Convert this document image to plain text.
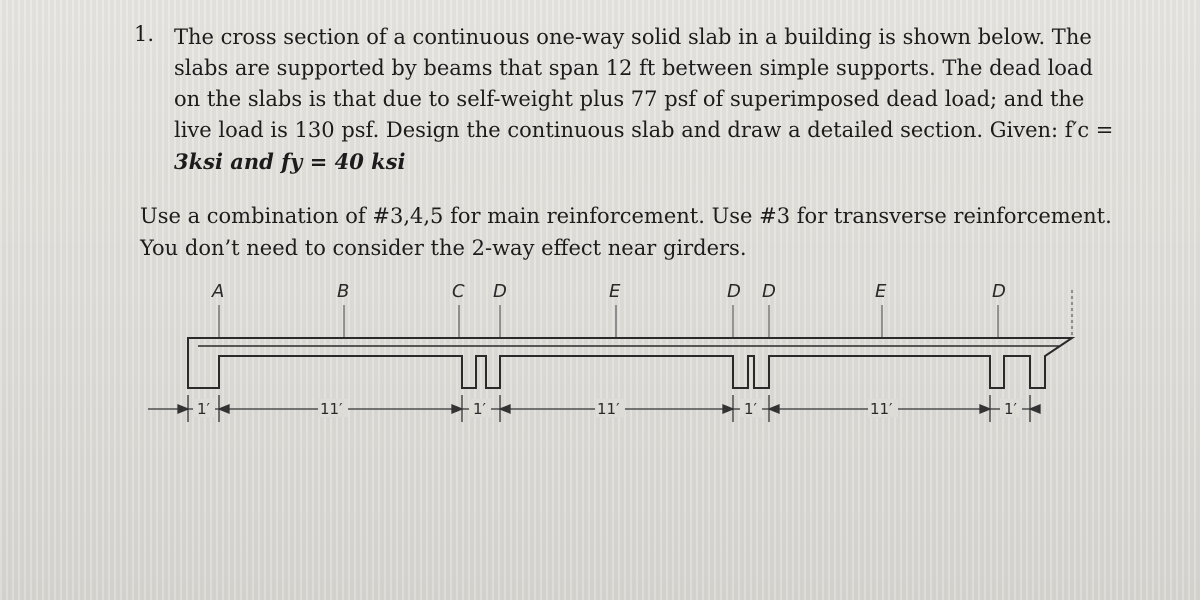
1. The cross section of a continuous one-way solid slab in a building is shown below. The
slabs are supported by beams that span 12 ft between simple supports. The dead load
on the slabs is that due to self-weight plus 77 psf of superimposed dead load; and the
live load is 130 psf. Design the continuous slab and draw a detailed section. Given: f′c =
3ksi and fy = 40 ksi
Use a combination of #3,4,5 for main reinforcement. Use #3 for transverse reinforcement.
You don’t need to consider the 2-way effect near girders.
A	B	C D	E	D D	E	D
1′	11′	1′	11′	1′	11′	1′
